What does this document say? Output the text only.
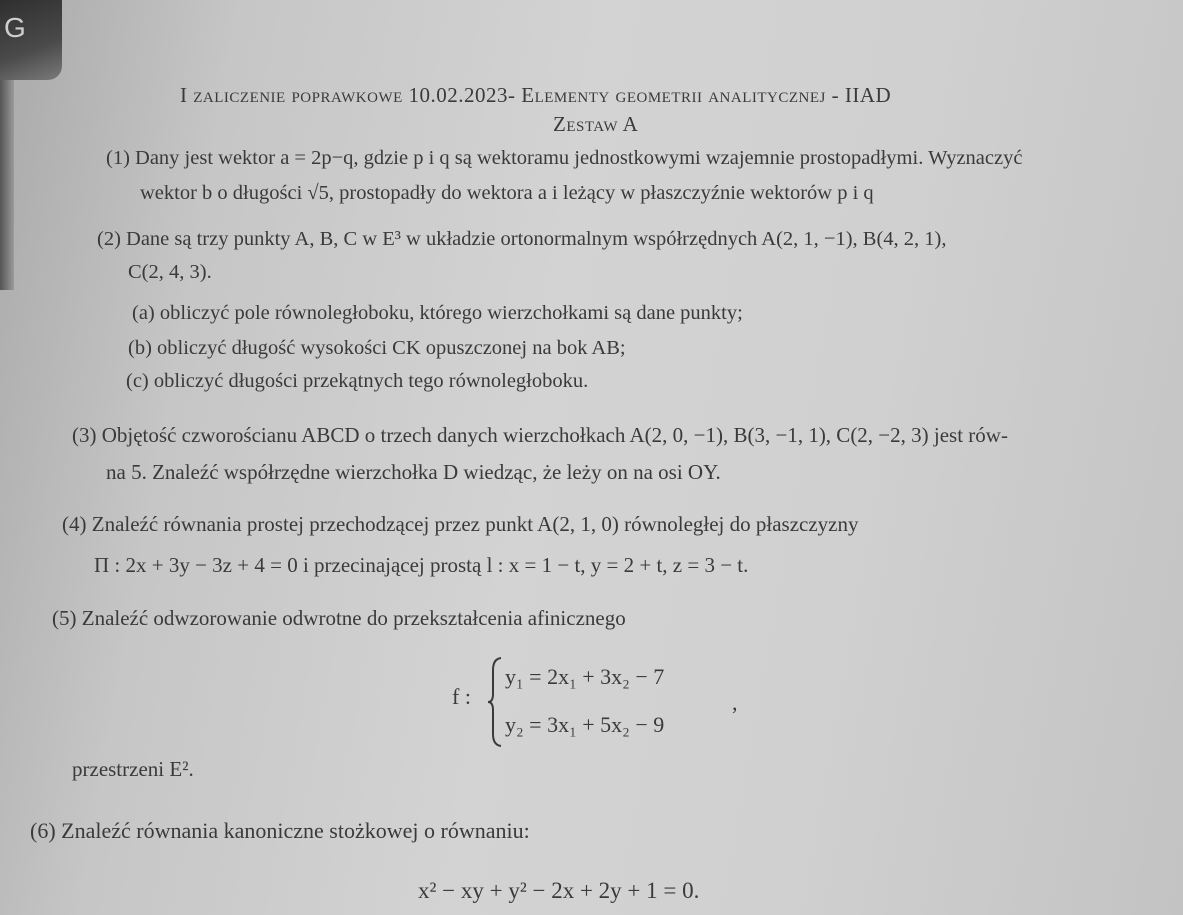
G
I zaliczenie poprawkowe 10.02.2023- Elementy geometrii analitycznej - IIAD
Zestaw A
(1) Dany jest wektor a = 2p−q, gdzie p i q są wektoramu jednostkowymi wzajemnie prostopadłymi. Wyznaczyć
wektor b o długości √5, prostopadły do wektora a i leżący w płaszczyźnie wektorów p i q
(2) Dane są trzy punkty A, B, C w E³ w układzie ortonormalnym współrzędnych A(2, 1, −1), B(4, 2, 1),
C(2, 4, 3).
(a) obliczyć pole równoległoboku, którego wierzchołkami są dane punkty;
(b) obliczyć długość wysokości CK opuszczonej na bok AB;
(c) obliczyć długości przekątnych tego równoległoboku.
(3) Objętość czworościanu ABCD o trzech danych wierzchołkach A(2, 0, −1), B(3, −1, 1), C(2, −2, 3) jest rów-
na 5. Znaleźć współrzędne wierzchołka D wiedząc, że leży on na osi OY.
(4) Znaleźć równania prostej przechodzącej przez punkt A(2, 1, 0) równoległej do płaszczyzny
Π : 2x + 3y − 3z + 4 = 0 i przecinającej prostą l : x = 1 − t, y = 2 + t, z = 3 − t.
(5) Znaleźć odwzorowanie odwrotne do przekształcenia afinicznego
f :
y₁ = 2x₁ + 3x₂ − 7
y₂ = 3x₁ + 5x₂ − 9
,
przestrzeni E².
(6) Znaleźć równania kanoniczne stożkowej o równaniu:
x² − xy + y² − 2x + 2y + 1 = 0.
